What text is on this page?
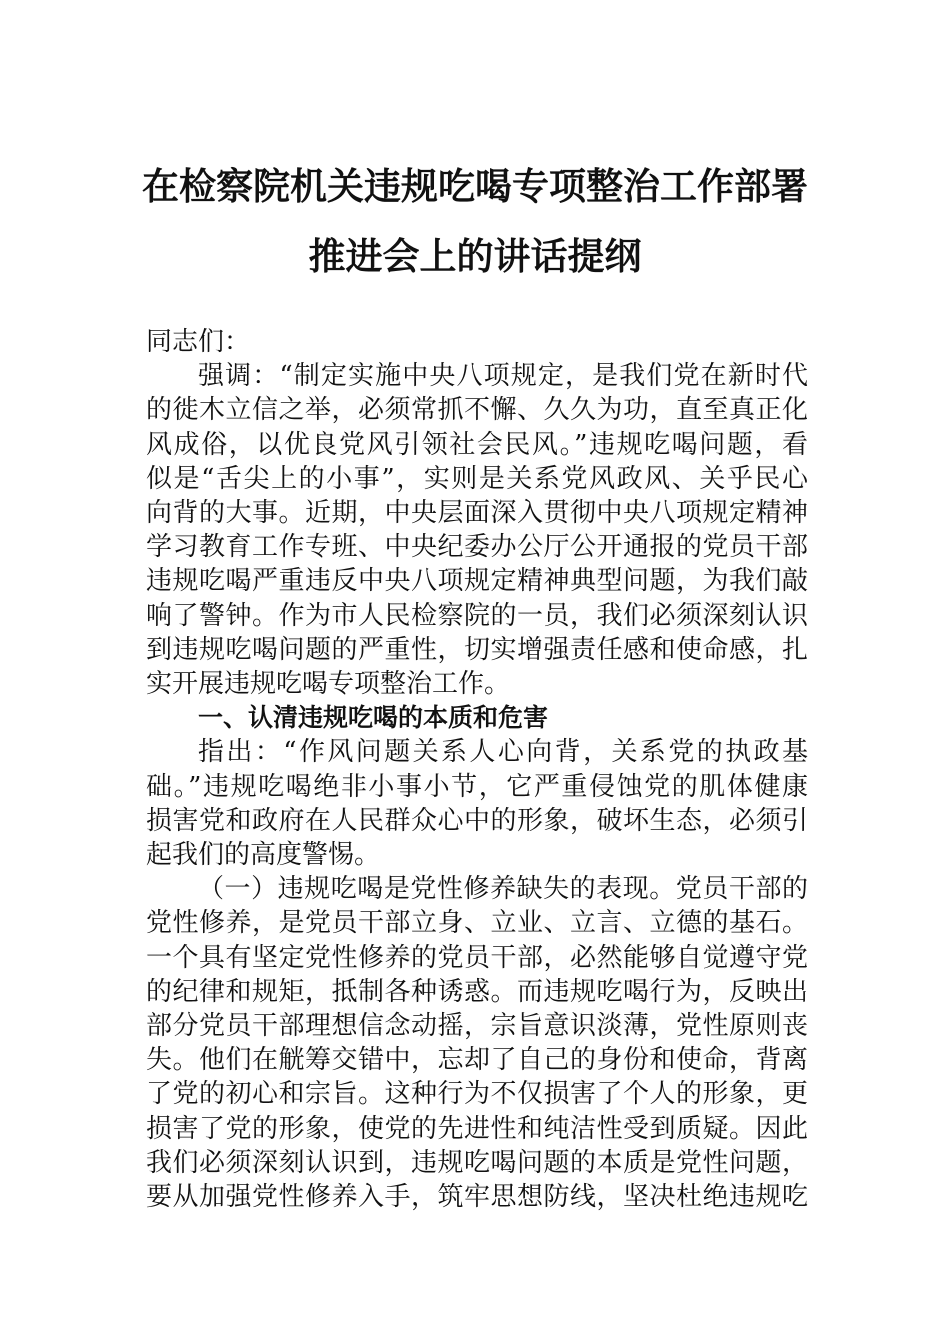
在检察院机关违规吃喝专项整治工作部署
推进会上的讲话提纲

同志们：

强调：“制定实施中央八项规定，是我们党在新时代
的徙木立信之举，必须常抓不懈、久久为功，直至真正化
风成俗，以优良党风引领社会民风。”违规吃喝问题，看
似是“舌尖上的小事”，实则是关系党风政风、关乎民心
向背的大事。近期，中央层面深入贯彻中央八项规定精神
学习教育工作专班、中央纪委办公厅公开通报的党员干部
违规吃喝严重违反中央八项规定精神典型问题，为我们敲
响了警钟。作为市人民检察院的一员，我们必须深刻认识
到违规吃喝问题的严重性，切实增强责任感和使命感，扎
实开展违规吃喝专项整治工作。

一、认清违规吃喝的本质和危害

指出：“作风问题关系人心向背，关系党的执政基
础。”违规吃喝绝非小事小节，它严重侵蚀党的肌体健康
损害党和政府在人民群众心中的形象，破坏生态，必须引
起我们的高度警惕。
（一）违规吃喝是党性修养缺失的表现。党员干部的
党性修养，是党员干部立身、立业、立言、立德的基石。
一个具有坚定党性修养的党员干部，必然能够自觉遵守党
的纪律和规矩，抵制各种诱惑。而违规吃喝行为，反映出
部分党员干部理想信念动摇，宗旨意识淡薄，党性原则丧
失。他们在觥筹交错中，忘却了自己的身份和使命，背离
了党的初心和宗旨。这种行为不仅损害了个人的形象，更
损害了党的形象，使党的先进性和纯洁性受到质疑。因此
我们必须深刻认识到，违规吃喝问题的本质是党性问题，
要从加强党性修养入手，筑牢思想防线，坚决杜绝违规吃
